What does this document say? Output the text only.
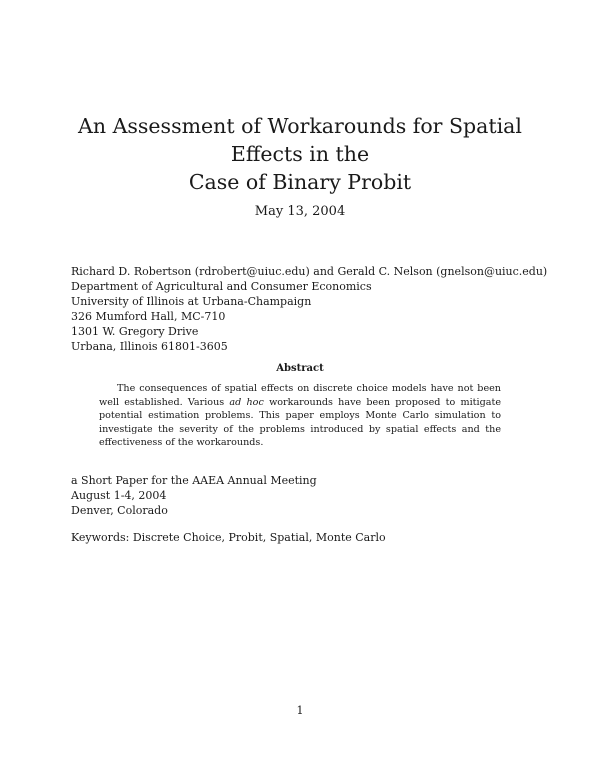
An Assessment of Workarounds for Spatial Effects in the
Case of Binary Probit

May 13, 2004

Richard D. Robertson (rdrobert@uiuc.edu) and Gerald C. Nelson (gnelson@uiuc.edu)
Department of Agricultural and Consumer Economics
University of Illinois at Urbana-Champaign
326 Mumford Hall, MC-710
1301 W. Gregory Drive
Urbana, Illinois 61801-3605

Abstract

The consequences of spatial effects on discrete choice models have not been well established. Various ad hoc workarounds have been proposed to mitigate potential estimation problems. This paper employs Monte Carlo simulation to investigate the severity of the problems introduced by spatial effects and the effectiveness of the workarounds.

a Short Paper for the AAEA Annual Meeting
August 1-4, 2004
Denver, Colorado

Keywords: Discrete Choice, Probit, Spatial, Monte Carlo

1
